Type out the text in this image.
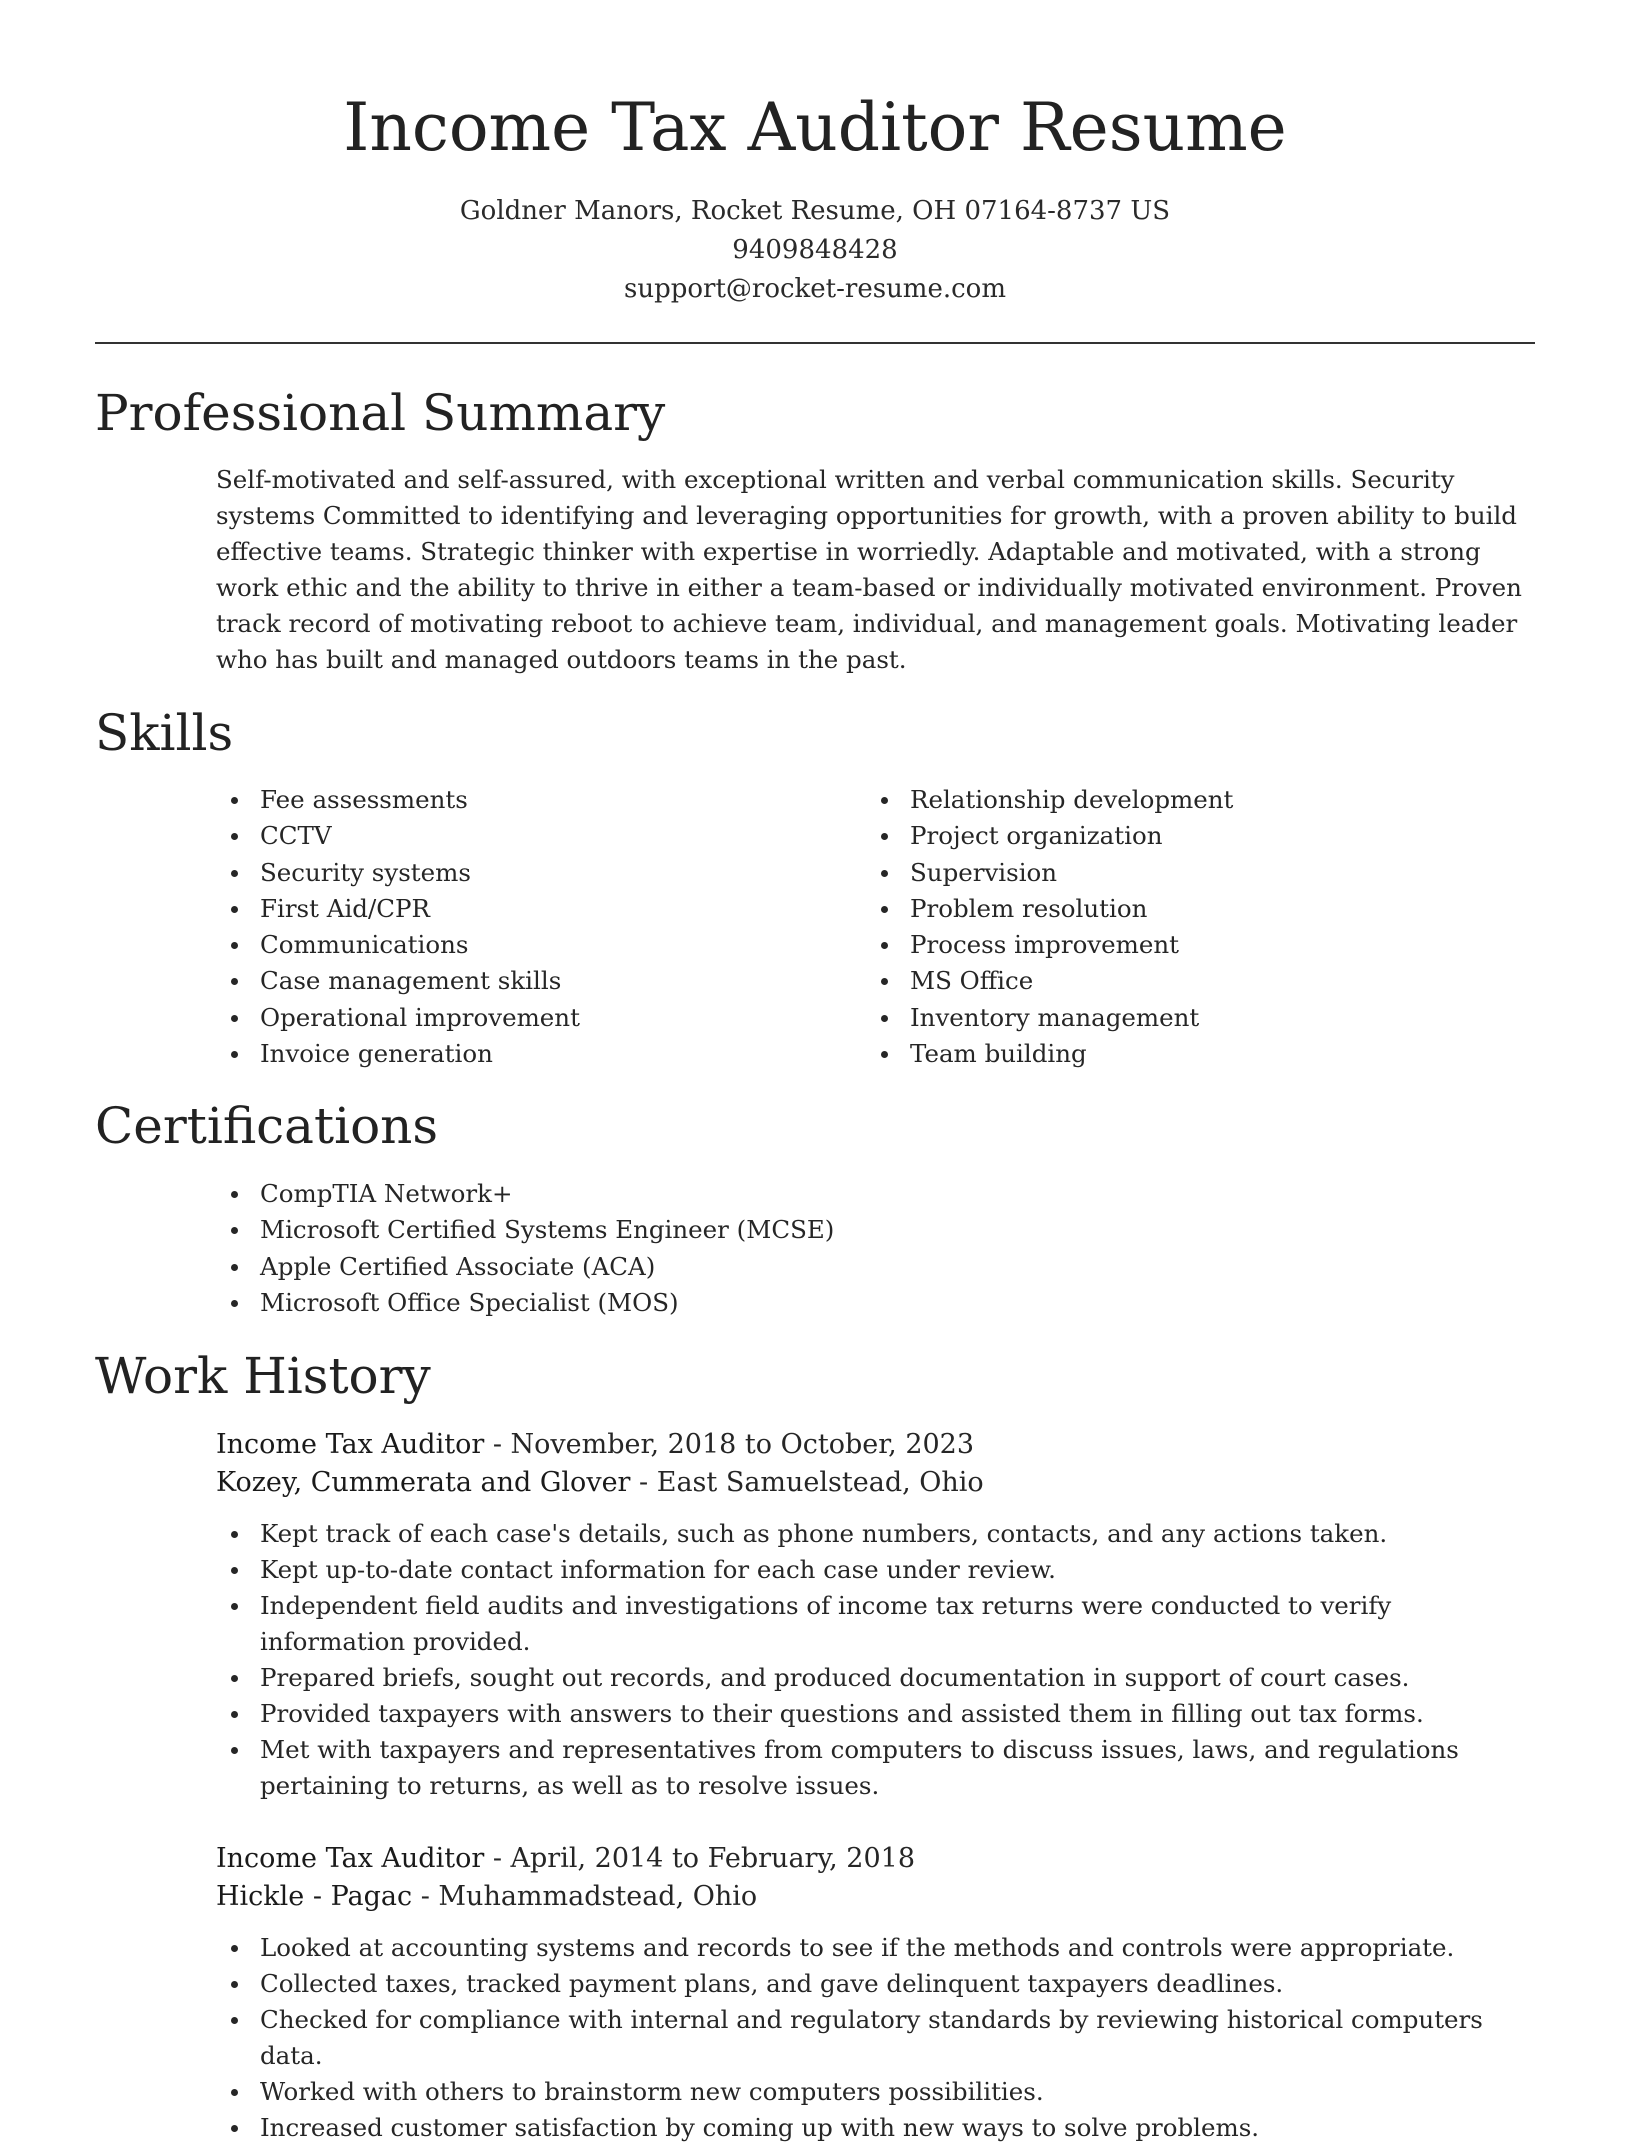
Income Tax Auditor Resume
Goldner Manors, Rocket Resume, OH 07164-8737 US
9409848428
support@rocket-resume.com
Professional Summary

Self-motivated and self-assured, with exceptional written and verbal communication skills. Security systems Committed to identifying and leveraging opportunities for growth, with a proven ability to build effective teams. Strategic thinker with expertise in worriedly. Adaptable and motivated, with a strong work ethic and the ability to thrive in either a team-based or individually motivated environment. Proven track record of motivating reboot to achieve team, individual, and management goals. Motivating leader who has built and managed outdoors teams in the past.

Skills
Fee assessments
CCTV
Security systems
First Aid/CPR
Communications
Case management skills
Operational improvement
Invoice generation
Relationship development
Project organization
Supervision
Problem resolution
Process improvement
MS Office
Inventory management
Team building
Certifications
CompTIA Network+
Microsoft Certified Systems Engineer (MCSE)
Apple Certified Associate (ACA)
Microsoft Office Specialist (MOS)
Work History
Income Tax Auditor - November, 2018 to October, 2023
Kozey, Cummerata and Glover - East Samuelstead, Ohio
Kept track of each case's details, such as phone numbers, contacts, and any actions taken.
Kept up-to-date contact information for each case under review.
Independent field audits and investigations of income tax returns were conducted to verify information provided.
Prepared briefs, sought out records, and produced documentation in support of court cases.
Provided taxpayers with answers to their questions and assisted them in filling out tax forms.
Met with taxpayers and representatives from computers to discuss issues, laws, and regulations pertaining to returns, as well as to resolve issues.
Income Tax Auditor - April, 2014 to February, 2018
Hickle - Pagac - Muhammadstead, Ohio
Looked at accounting systems and records to see if the methods and controls were appropriate.
Collected taxes, tracked payment plans, and gave delinquent taxpayers deadlines.
Checked for compliance with internal and regulatory standards by reviewing historical computers data.
Worked with others to brainstorm new computers possibilities.
Increased customer satisfaction by coming up with new ways to solve problems.
